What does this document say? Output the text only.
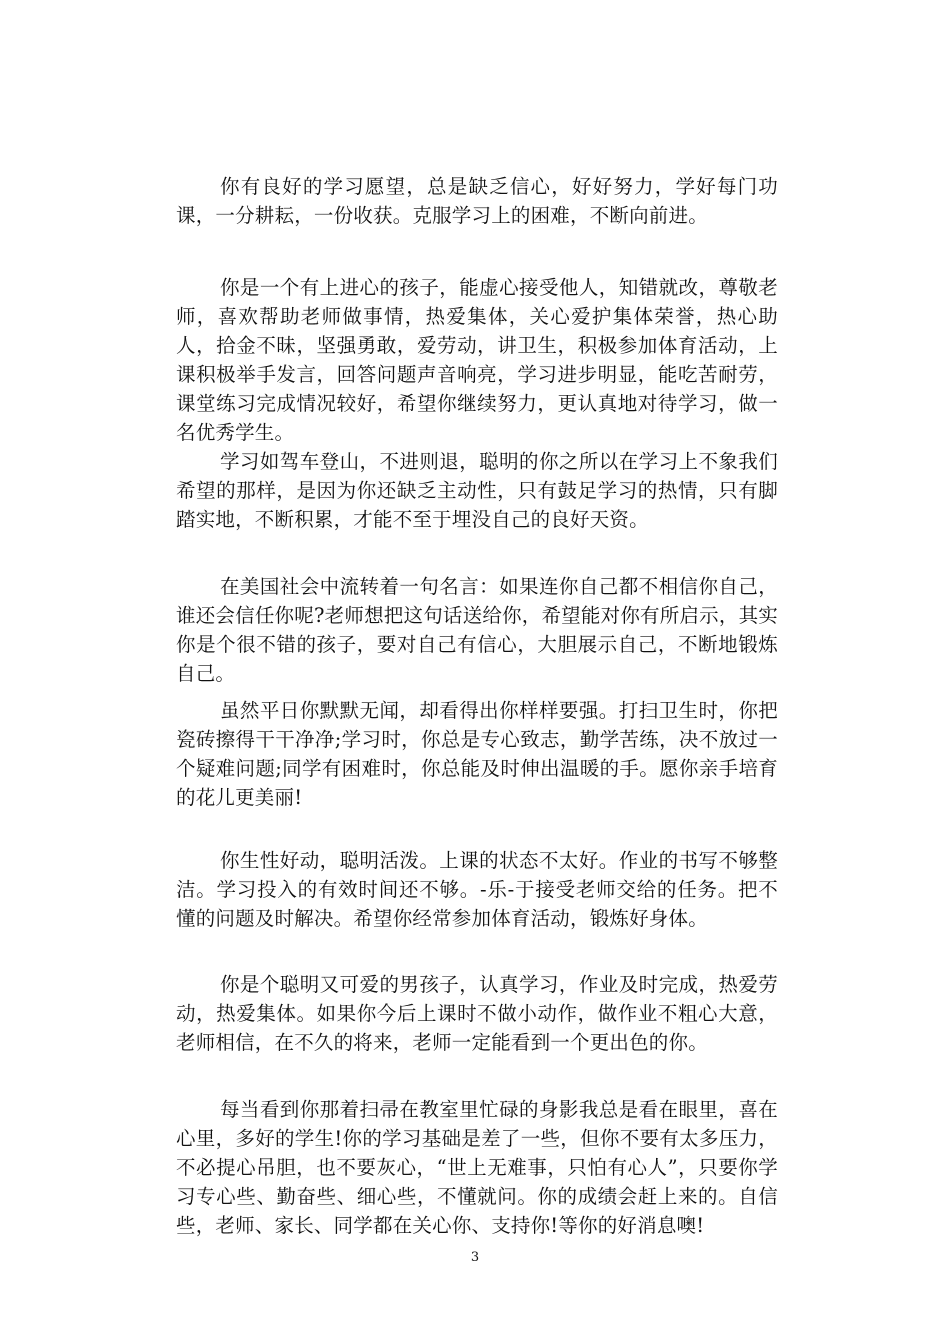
你有良好的学习愿望，总是缺乏信心，好好努力，学好每门功课，一分耕耘，一份收获。克服学习上的困难，不断向前进。

你是一个有上进心的孩子，能虚心接受他人，知错就改，尊敬老师，喜欢帮助老师做事情，热爱集体，关心爱护集体荣誉，热心助人，拾金不昧，坚强勇敢，爱劳动，讲卫生，积极参加体育活动，上课积极举手发言，回答问题声音响亮，学习进步明显，能吃苦耐劳，课堂练习完成情况较好，希望你继续努力，更认真地对待学习，做一名优秀学生。

学习如驾车登山，不进则退，聪明的你之所以在学习上不象我们希望的那样，是因为你还缺乏主动性，只有鼓足学习的热情，只有脚踏实地，不断积累，才能不至于埋没自己的良好天资。

在美国社会中流转着一句名言：如果连你自己都不相信你自己，谁还会信任你呢?老师想把这句话送给你，希望能对你有所启示，其实你是个很不错的孩子，要对自己有信心，大胆展示自己，不断地锻炼自己。

虽然平日你默默无闻，却看得出你样样要强。打扫卫生时，你把瓷砖擦得干干净净;学习时，你总是专心致志，勤学苦练，决不放过一个疑难问题;同学有困难时，你总能及时伸出温暖的手。愿你亲手培育的花儿更美丽!

你生性好动，聪明活泼。上课的状态不太好。作业的书写不够整洁。学习投入的有效时间还不够。-乐-于接受老师交给的任务。把不懂的问题及时解决。希望你经常参加体育活动，锻炼好身体。

你是个聪明又可爱的男孩子，认真学习，作业及时完成，热爱劳动，热爱集体。如果你今后上课时不做小动作，做作业不粗心大意，老师相信，在不久的将来，老师一定能看到一个更出色的你。

每当看到你那着扫帚在教室里忙碌的身影我总是看在眼里，喜在心里，多好的学生!你的学习基础是差了一些，但你不要有太多压力，不必提心吊胆，也不要灰心，“世上无难事，只怕有心人”，只要你学习专心些、勤奋些、细心些，不懂就问。你的成绩会赶上来的。自信些，老师、家长、同学都在关心你、支持你!等你的好消息噢!

3
